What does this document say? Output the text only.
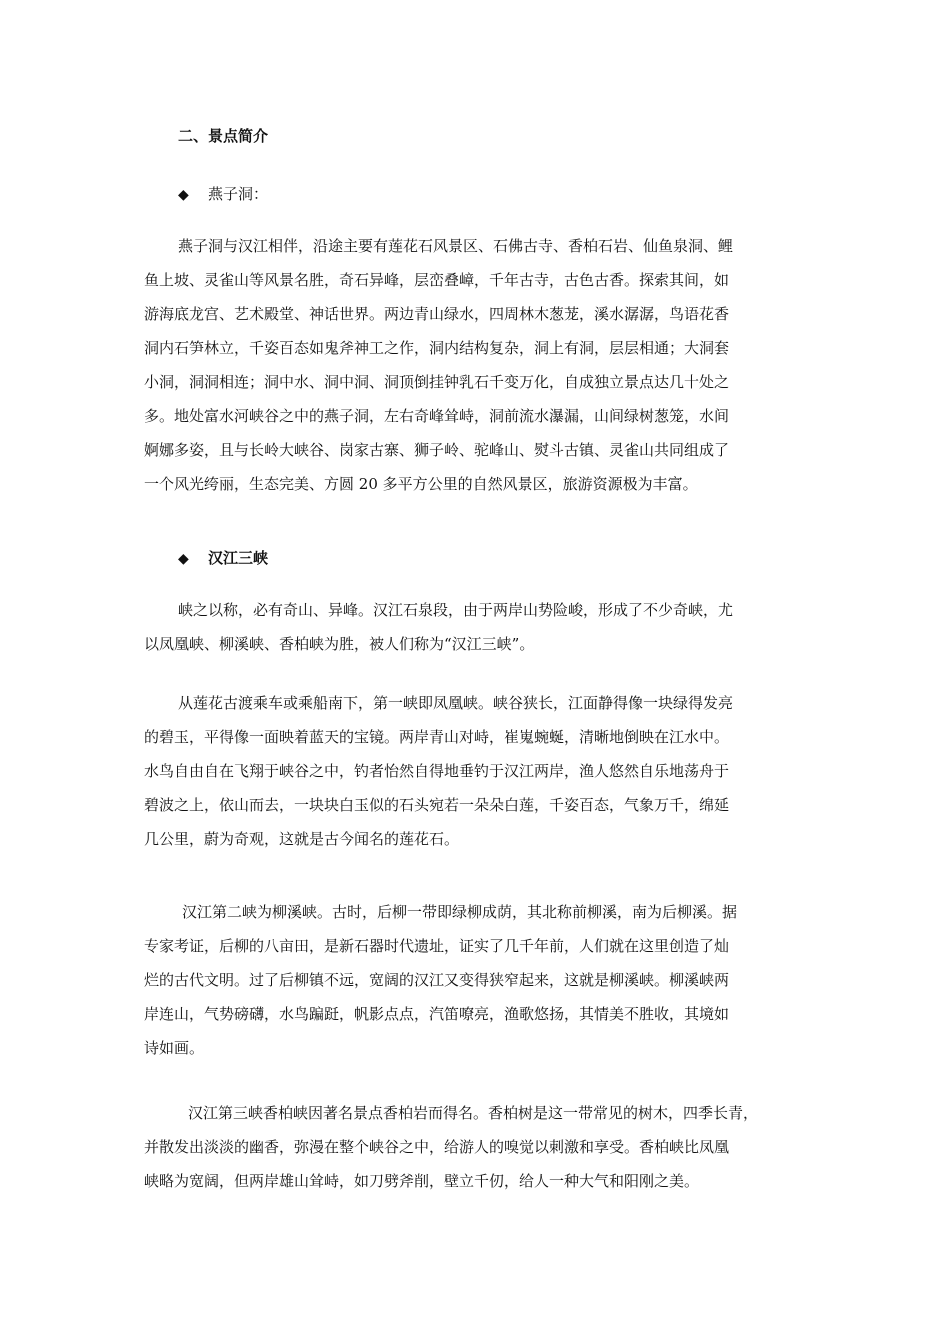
二、景点简介
◆ 燕子洞：
燕子洞与汉江相伴，沿途主要有莲花石风景区、石佛古寺、香柏石岩、仙鱼泉洞、鲤
鱼上坡、灵雀山等风景名胜，奇石异峰，层峦叠嶂，千年古寺，古色古香。探索其间，如
游海底龙宫、艺术殿堂、神话世界。两边青山绿水，四周林木葱茏，溪水潺潺，鸟语花香
洞内石笋林立，千姿百态如鬼斧神工之作，洞内结构复杂，洞上有洞，层层相通；大洞套
小洞，洞洞相连；洞中水、洞中洞、洞顶倒挂钟乳石千变万化，自成独立景点达几十处之
多。地处富水河峡谷之中的燕子洞，左右奇峰耸峙，洞前流水瀑漏，山间绿树葱笼，水间
婀娜多姿，且与长岭大峡谷、岗家古寨、狮子岭、驼峰山、熨斗古镇、灵雀山共同组成了
一个风光绔丽，生态完美、方圆 20 多平方公里的自然风景区，旅游资源极为丰富。
◆ 汉江三峡
峡之以称，必有奇山、异峰。汉江石泉段，由于两岸山势险峻，形成了不少奇峡，尤
以凤凰峡、柳溪峡、香柏峡为胜，被人们称为“汉江三峡”。
从莲花古渡乘车或乘船南下，第一峡即凤凰峡。峡谷狭长，江面静得像一块绿得发亮
的碧玉，平得像一面映着蓝天的宝镜。两岸青山对峙，崔嵬蜿蜒，清晰地倒映在江水中。
水鸟自由自在飞翔于峡谷之中，钓者怡然自得地垂钓于汉江两岸，渔人悠然自乐地荡舟于
碧波之上，依山而去，一块块白玉似的石头宛若一朵朵白莲，千姿百态，气象万千，绵延
几公里，蔚为奇观，这就是古今闻名的莲花石。
汉江第二峡为柳溪峡。古时，后柳一带即绿柳成荫，其北称前柳溪，南为后柳溪。据
专家考证，后柳的八亩田，是新石器时代遗址，证实了几千年前，人们就在这里创造了灿
烂的古代文明。过了后柳镇不远，宽阔的汉江又变得狭窄起来，这就是柳溪峡。柳溪峡两
岸连山，气势磅礴，水鸟蹁跹，帆影点点，汽笛嘹亮，渔歌悠扬，其情美不胜收，其境如
诗如画。
汉江第三峡香柏峡因著名景点香柏岩而得名。香柏树是这一带常见的树木，四季长青，
并散发出淡淡的幽香，弥漫在整个峡谷之中，给游人的嗅觉以刺激和享受。香柏峡比凤凰
峡略为宽阔，但两岸雄山耸峙，如刀劈斧削，壁立千仞，给人一种大气和阳刚之美。
